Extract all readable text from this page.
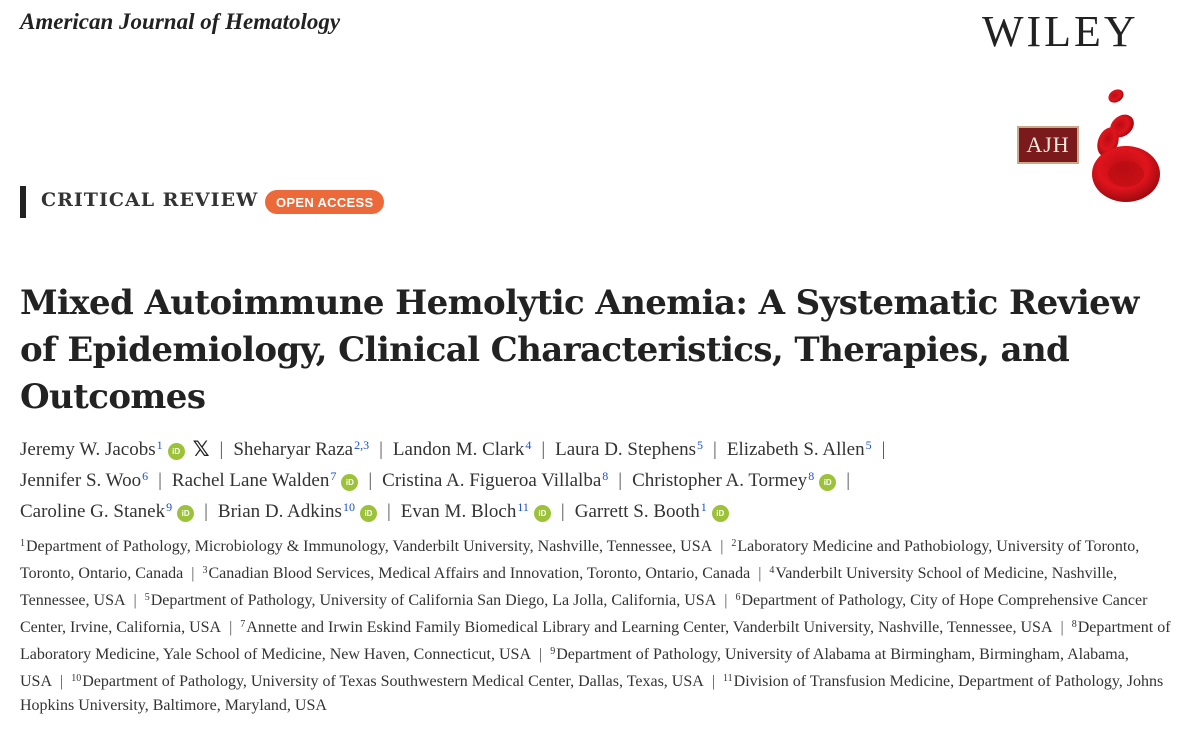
American Journal of Hematology	WILEY
AJH
CRITICAL REVIEW	OPEN ACCESS
Mixed Autoimmune Hemolytic Anemia: A Systematic Review of Epidemiology, Clinical Characteristics, Therapies, and Outcomes
Jeremy W. Jacobs$^1$ iD 𝕏 | Sheharyar Raza$^{2,3}$ | Landon M. Clark$^4$ | Laura D. Stephens$^5$ | Elizabeth S. Allen$^5$ |
Jennifer S. Woo$^6$ | Rachel Lane Walden$^7$ iD | Cristina A. Figueroa Villalba$^8$ | Christopher A. Tormey$^8$ iD |
Caroline G. Stanek$^9$ iD | Brian D. Adkins$^{10}$ iD | Evan M. Bloch$^{11}$ iD | Garrett S. Booth$^1$ iD
$^1$Department of Pathology, Microbiology & Immunology, Vanderbilt University, Nashville, Tennessee, USA | $^2$Laboratory Medicine and Pathobiology, University of Toronto, Toronto, Ontario, Canada | $^3$Canadian Blood Services, Medical Affairs and Innovation, Toronto, Ontario, Canada | $^4$Vanderbilt University School of Medicine, Nashville, Tennessee, USA | $^5$Department of Pathology, University of California San Diego, La Jolla, California, USA | $^6$Department of Pathology, City of Hope Comprehensive Cancer Center, Irvine, California, USA | $^7$Annette and Irwin Eskind Family Biomedical Library and Learning Center, Vanderbilt University, Nashville, Tennessee, USA | $^8$Department of Laboratory Medicine, Yale School of Medicine, New Haven, Connecticut, USA | $^9$Department of Pathology, University of Alabama at Birmingham, Birmingham, Alabama, USA | $^{10}$Department of Pathology, University of Texas Southwestern Medical Center, Dallas, Texas, USA | $^{11}$Division of Transfusion Medicine, Department of Pathology, Johns Hopkins University, Baltimore, Maryland, USA
